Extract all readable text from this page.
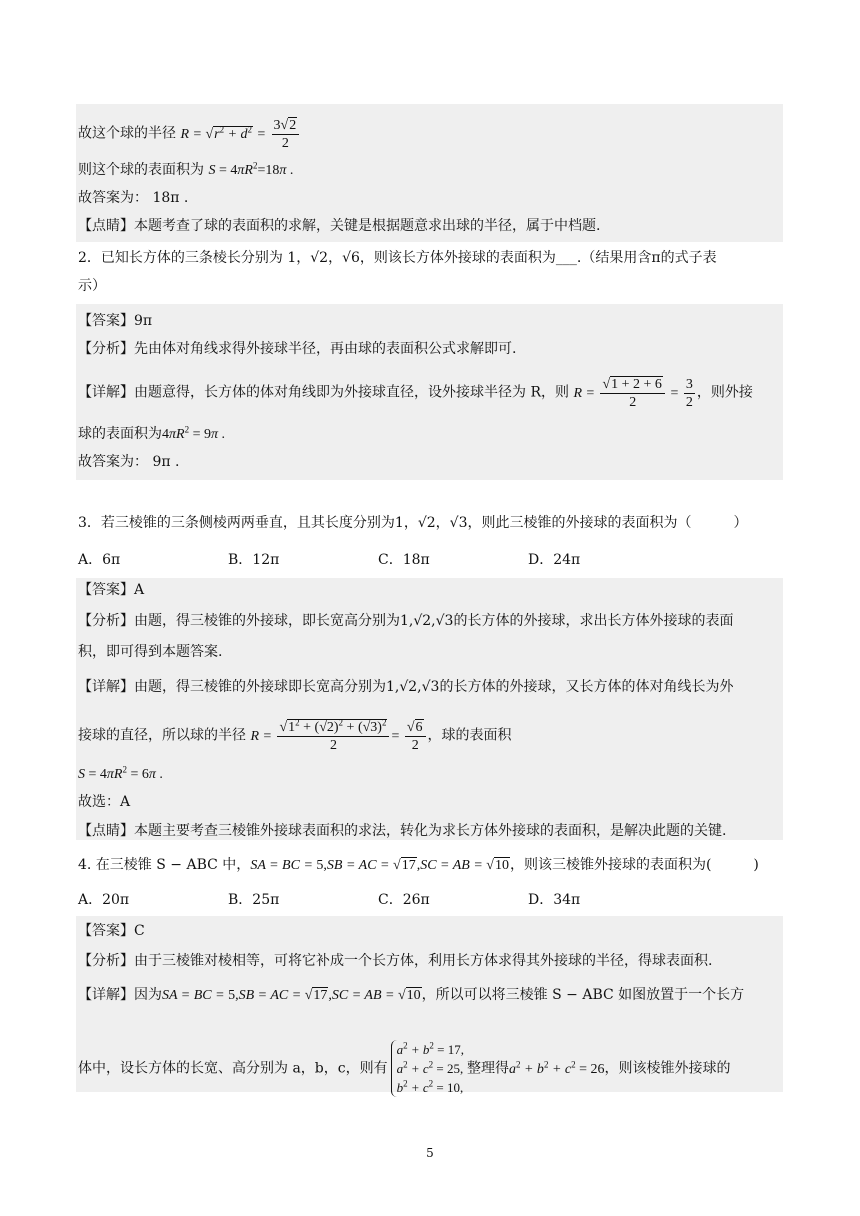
故这个球的半径 $R = √r^2 + d^2 = \frac{3√2}{2}$
则这个球的表面积为 $S = 4\pi R^2=18\pi$ .
故答案为： 18π .
【点睛】本题考查了球的表面积的求解，关键是根据题意求出球的半径，属于中档题.
2．已知长方体的三条棱长分别为 1，√2，√6，则该长方体外接球的表面积为___.（结果用含π的式子表
示）
【答案】9π
【分析】先由体对角线求得外接球半径，再由球的表面积公式求解即可.
【详解】由题意得，长方体的体对角线即为外接球直径，设外接球半径为 R，则 $R = \frac{√1 + 2 + 6}{2} = \frac{3}{2}$ ，则外接
球的表面积为$4\pi R^2 = 9\pi$ .
故答案为： 9π .
3．若三棱锥的三条侧棱两两垂直，且其长度分别为1，√2，√3，则此三棱锥的外接球的表面积为（　　　）
A．6π	B．12π	C．18π	D．24π
【答案】A
【分析】由题，得三棱锥的外接球，即长宽高分别为1,√2,√3的长方体的外接球，求出长方体外接球的表面
积，即可得到本题答案.
【详解】由题，得三棱锥的外接球即长宽高分别为1,√2,√3的长方体的外接球，又长方体的体对角线长为外
接球的直径，所以球的半径 $R = \frac{√1^2 + (√2)^2 + (√3)^2}{2} = \frac{√6}{2}$ ，球的表面积
$S = 4\pi R^2 = 6\pi$ .
故选：A
【点睛】本题主要考查三棱锥外接球表面积的求法，转化为求长方体外接球的表面积，是解决此题的关键.
4. 在三棱锥 S − ABC 中，SA = BC = 5,SB = AC = √17,SC = AB = √10，则该三棱锥外接球的表面积为(　　　)
A．20π	B．25π	C．26π	D．34π
【答案】C
【分析】由于三棱锥对棱相等，可将它补成一个长方体，利用长方体求得其外接球的半径，得球表面积.
【详解】因为SA = BC = 5,SB = AC = √17,SC = AB = √10，所以可以将三棱锥 S − ABC 如图放置于一个长方
体中，设长方体的长宽、高分别为 a，b，c，则有
$a^2 + b^2 = 17$,
$a^2 + c^2 = 25$,
$b^2 + c^2 = 10$,
整理得$a^2 + b^2 + c^2 = 26$，则该棱锥外接球的
5
